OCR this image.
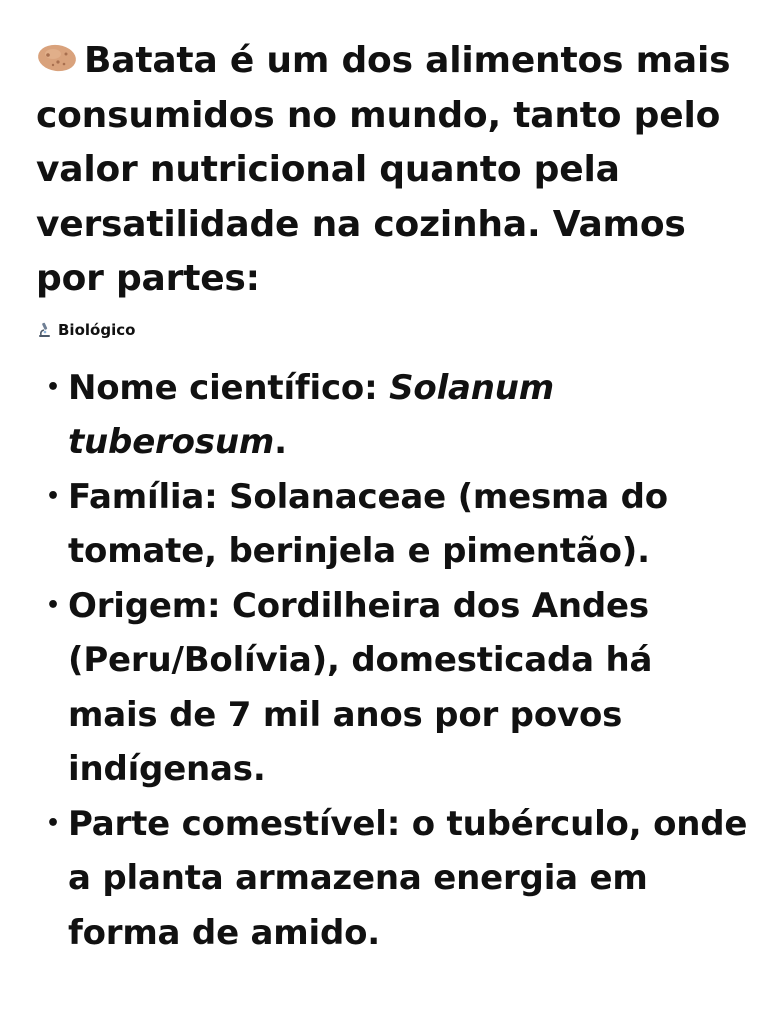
Batata é um dos alimentos mais consumidos no mundo, tanto pelo valor nutricional quanto pela versatilidade na cozinha. Vamos por partes:

Biológico
• Nome científico: Solanum tuberosum.
• Família: Solanaceae (mesma do tomate, berinjela e pimentão).
• Origem: Cordilheira dos Andes (Peru/Bolívia), domesticada há mais de 7 mil anos por povos indígenas.
• Parte comestível: o tubérculo, onde a planta armazena energia em forma de amido.
